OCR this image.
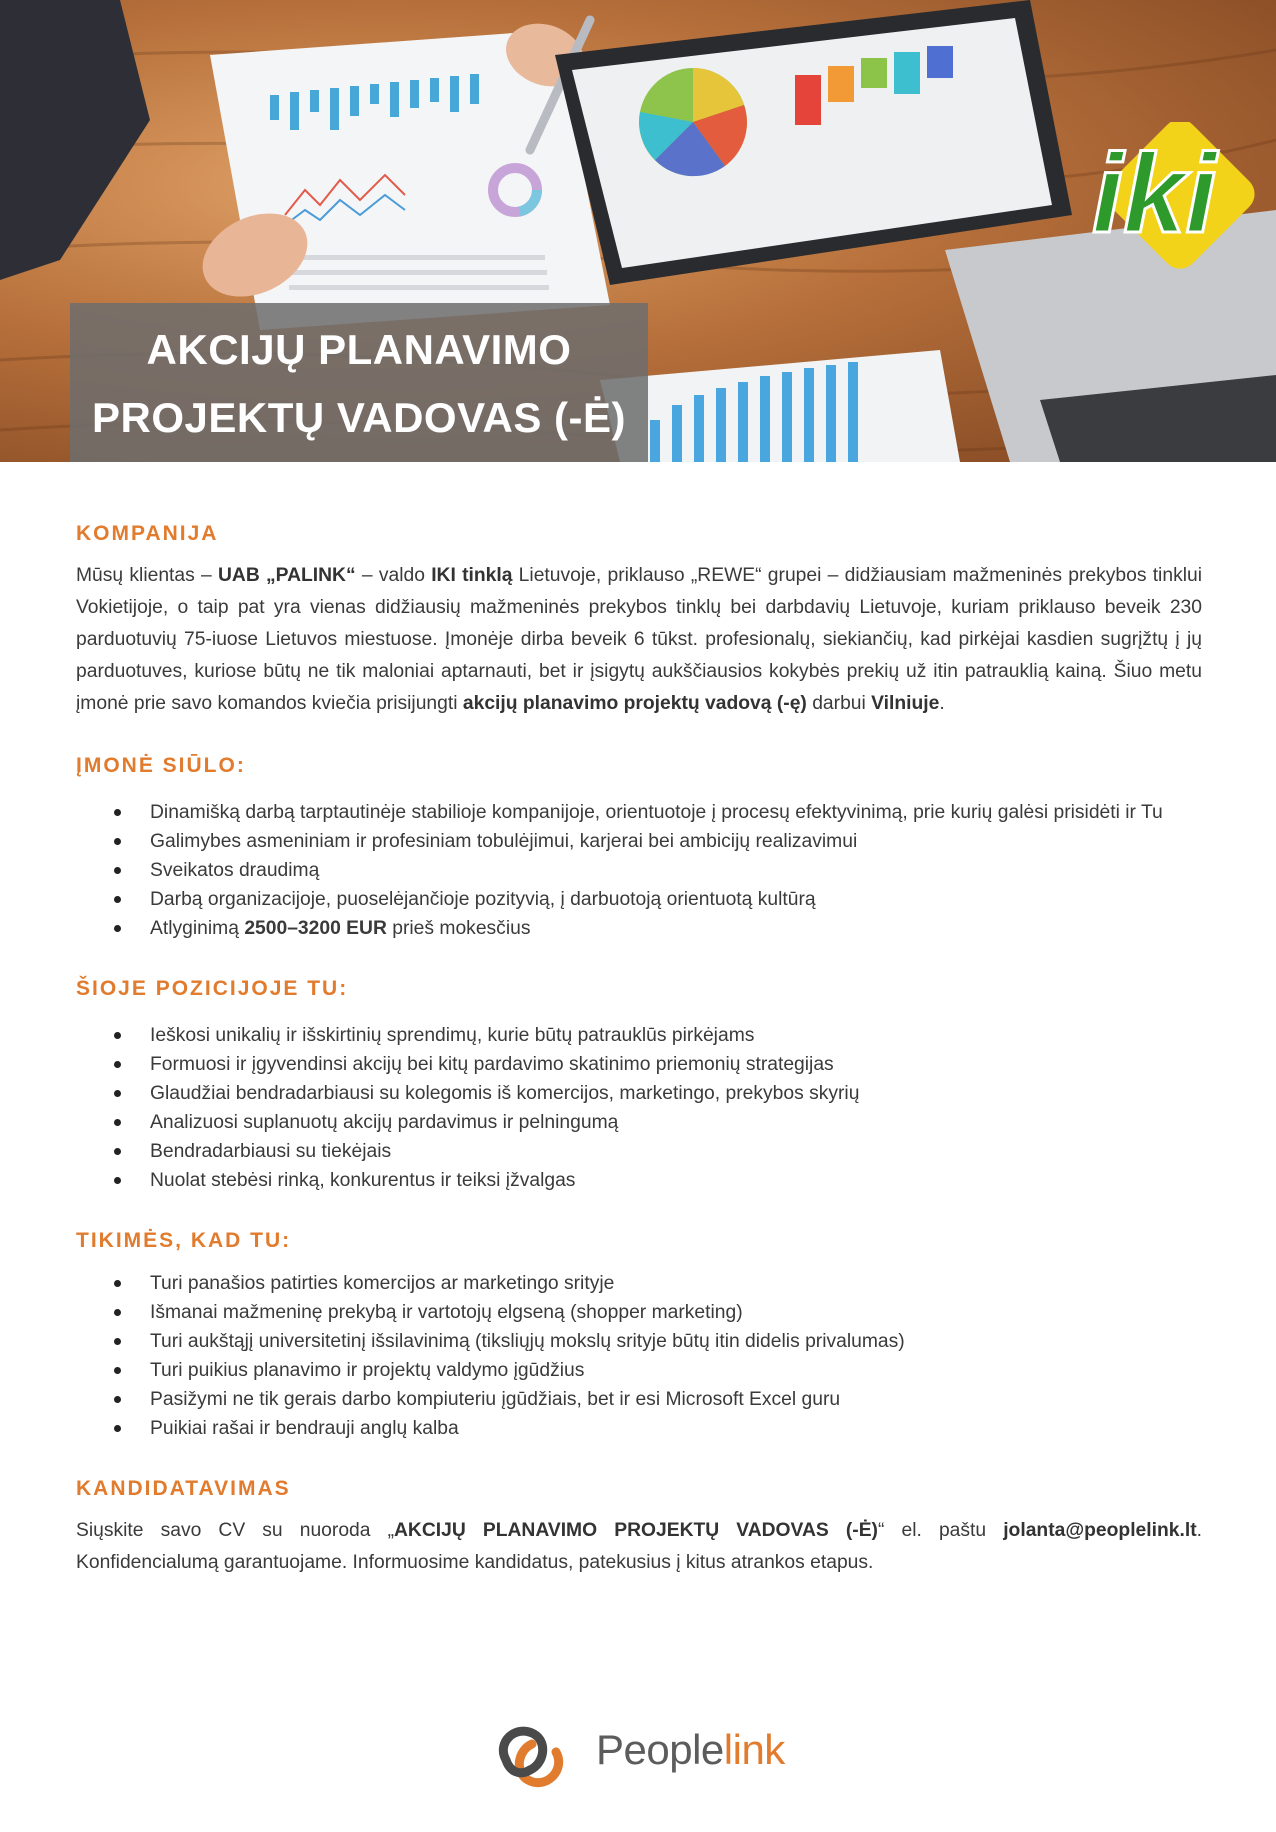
iki
AKCIJŲ PLANAVIMO
PROJEKTŲ VADOVAS (-Ė)
KOMPANIJA

Mūsų klientas – UAB „PALINK“ – valdo IKI tinklą Lietuvoje, priklauso „REWE“ grupei – didžiausiam mažmeninės prekybos tinklui Vokietijoje, o taip pat yra vienas didžiausių mažmeninės prekybos tinklų bei darbdavių Lietuvoje, kuriam priklauso beveik 230 parduotuvių 75-iuose Lietuvos miestuose. Įmonėje dirba beveik 6 tūkst. profesionalų, siekiančių, kad pirkėjai kasdien sugrįžtų į jų parduotuves, kuriose būtų ne tik maloniai aptarnauti, bet ir įsigytų aukščiausios kokybės prekių už itin patrauklią kainą. Šiuo metu įmonė prie savo komandos kviečia prisijungti akcijų planavimo projektų vadovą (-ę) darbui Vilniuje.

ĮMONĖ SIŪLO:
Dinamišką darbą tarptautinėje stabilioje kompanijoje, orientuotoje į procesų efektyvinimą, prie kurių galėsi prisidėti ir Tu
Galimybes asmeniniam ir profesiniam tobulėjimui, karjerai bei ambicijų realizavimui
Sveikatos draudimą
Darbą organizacijoje, puoselėjančioje pozityvią, į darbuotoją orientuotą kultūrą
Atlyginimą 2500–3200 EUR prieš mokesčius
ŠIOJE POZICIJOJE TU:
Ieškosi unikalių ir išskirtinių sprendimų, kurie būtų patrauklūs pirkėjams
Formuosi ir įgyvendinsi akcijų bei kitų pardavimo skatinimo priemonių strategijas
Glaudžiai bendradarbiausi su kolegomis iš komercijos, marketingo, prekybos skyrių
Analizuosi suplanuotų akcijų pardavimus ir pelningumą
Bendradarbiausi su tiekėjais
Nuolat stebėsi rinką, konkurentus ir teiksi įžvalgas
TIKIMĖS, KAD TU:
Turi panašios patirties komercijos ar marketingo srityje
Išmanai mažmeninę prekybą ir vartotojų elgseną (shopper marketing)
Turi aukštąjį universitetinį išsilavinimą (tiksliųjų mokslų srityje būtų itin didelis privalumas)
Turi puikius planavimo ir projektų valdymo įgūdžius
Pasižymi ne tik gerais darbo kompiuteriu įgūdžiais, bet ir esi Microsoft Excel guru
Puikiai rašai ir bendrauji anglų kalba
KANDIDATAVIMAS

Siųskite savo CV su nuoroda „AKCIJŲ PLANAVIMO PROJEKTŲ VADOVAS (-Ė)“ el. paštu jolanta@peoplelink.lt. Konfidencialumą garantuojame. Informuosime kandidatus, patekusius į kitus atrankos etapus.

Peoplelink
